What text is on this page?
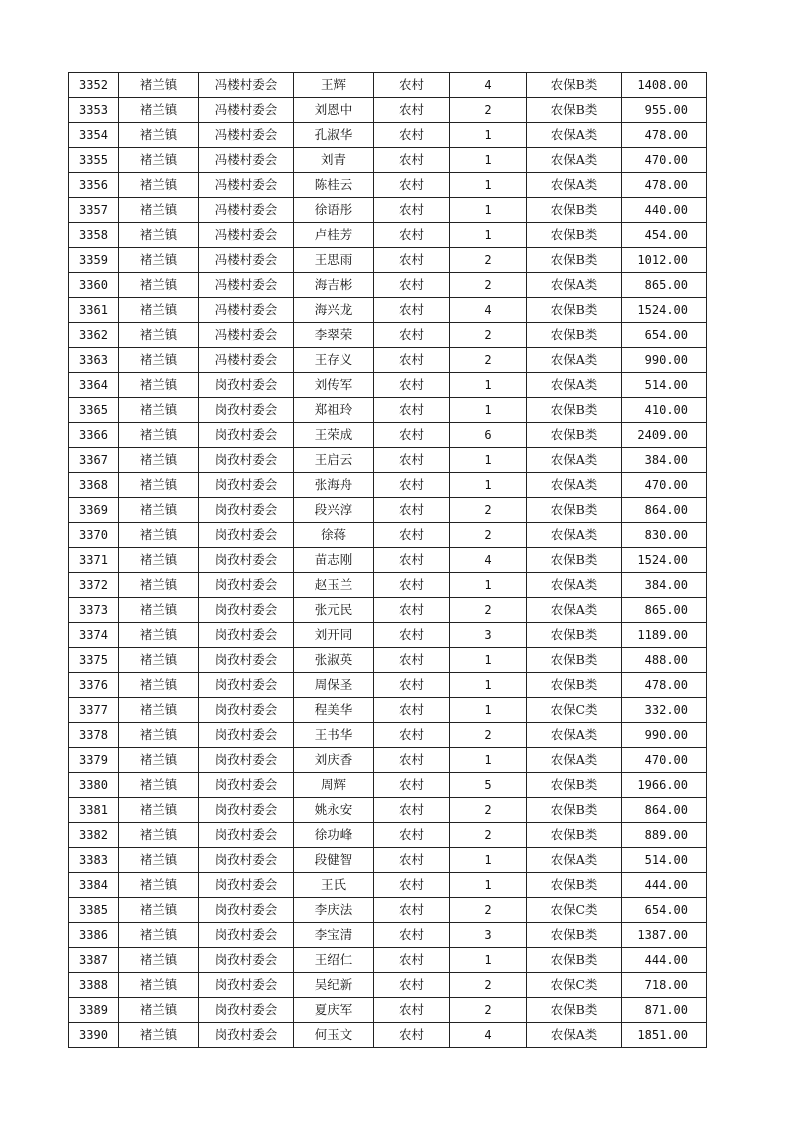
3352	褚兰镇	冯楼村委会	王辉	农村	4	农保B类	1408.00
3353	褚兰镇	冯楼村委会	刘恩中	农村	2	农保B类	955.00
3354	褚兰镇	冯楼村委会	孔淑华	农村	1	农保A类	478.00
3355	褚兰镇	冯楼村委会	刘青	农村	1	农保A类	470.00
3356	褚兰镇	冯楼村委会	陈桂云	农村	1	农保A类	478.00
3357	褚兰镇	冯楼村委会	徐语彤	农村	1	农保B类	440.00
3358	褚兰镇	冯楼村委会	卢桂芳	农村	1	农保B类	454.00
3359	褚兰镇	冯楼村委会	王思雨	农村	2	农保B类	1012.00
3360	褚兰镇	冯楼村委会	海吉彬	农村	2	农保A类	865.00
3361	褚兰镇	冯楼村委会	海兴龙	农村	4	农保B类	1524.00
3362	褚兰镇	冯楼村委会	李翠荣	农村	2	农保B类	654.00
3363	褚兰镇	冯楼村委会	王存义	农村	2	农保A类	990.00
3364	褚兰镇	岗孜村委会	刘传军	农村	1	农保A类	514.00
3365	褚兰镇	岗孜村委会	郑祖玲	农村	1	农保B类	410.00
3366	褚兰镇	岗孜村委会	王荣成	农村	6	农保B类	2409.00
3367	褚兰镇	岗孜村委会	王启云	农村	1	农保A类	384.00
3368	褚兰镇	岗孜村委会	张海舟	农村	1	农保A类	470.00
3369	褚兰镇	岗孜村委会	段兴淳	农村	2	农保B类	864.00
3370	褚兰镇	岗孜村委会	徐蒋	农村	2	农保A类	830.00
3371	褚兰镇	岗孜村委会	苗志刚	农村	4	农保B类	1524.00
3372	褚兰镇	岗孜村委会	赵玉兰	农村	1	农保A类	384.00
3373	褚兰镇	岗孜村委会	张元民	农村	2	农保A类	865.00
3374	褚兰镇	岗孜村委会	刘开同	农村	3	农保B类	1189.00
3375	褚兰镇	岗孜村委会	张淑英	农村	1	农保B类	488.00
3376	褚兰镇	岗孜村委会	周保圣	农村	1	农保B类	478.00
3377	褚兰镇	岗孜村委会	程美华	农村	1	农保C类	332.00
3378	褚兰镇	岗孜村委会	王书华	农村	2	农保A类	990.00
3379	褚兰镇	岗孜村委会	刘庆香	农村	1	农保A类	470.00
3380	褚兰镇	岗孜村委会	周辉	农村	5	农保B类	1966.00
3381	褚兰镇	岗孜村委会	姚永安	农村	2	农保B类	864.00
3382	褚兰镇	岗孜村委会	徐功峰	农村	2	农保B类	889.00
3383	褚兰镇	岗孜村委会	段健智	农村	1	农保A类	514.00
3384	褚兰镇	岗孜村委会	王氏	农村	1	农保B类	444.00
3385	褚兰镇	岗孜村委会	李庆法	农村	2	农保C类	654.00
3386	褚兰镇	岗孜村委会	李宝清	农村	3	农保B类	1387.00
3387	褚兰镇	岗孜村委会	王绍仁	农村	1	农保B类	444.00
3388	褚兰镇	岗孜村委会	吴纪新	农村	2	农保C类	718.00
3389	褚兰镇	岗孜村委会	夏庆军	农村	2	农保B类	871.00
3390	褚兰镇	岗孜村委会	何玉文	农村	4	农保A类	1851.00
